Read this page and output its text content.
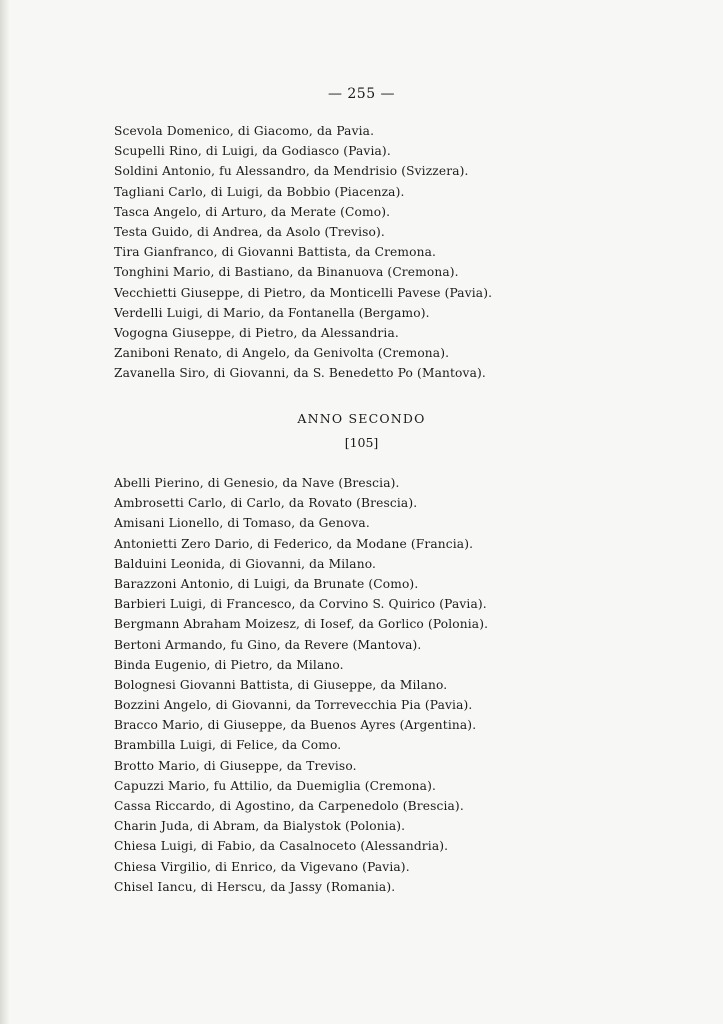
— 255 —
Scevola Domenico, di Giacomo, da Pavia.
Scupelli Rino, di Luigi, da Godiasco (Pavia).
Soldini Antonio, fu Alessandro, da Mendrisio (Svizzera).
Tagliani Carlo, di Luigi, da Bobbio (Piacenza).
Tasca Angelo, di Arturo, da Merate (Como).
Testa Guido, di Andrea, da Asolo (Treviso).
Tira Gianfranco, di Giovanni Battista, da Cremona.
Tonghini Mario, di Bastiano, da Binanuova (Cremona).
Vecchietti Giuseppe, di Pietro, da Monticelli Pavese (Pavia).
Verdelli Luigi, di Mario, da Fontanella (Bergamo).
Vogogna Giuseppe, di Pietro, da Alessandria.
Zaniboni Renato, di Angelo, da Genivolta (Cremona).
Zavanella Siro, di Giovanni, da S. Benedetto Po (Mantova).
ANNO SECONDO
[105]
Abelli Pierino, di Genesio, da Nave (Brescia).
Ambrosetti Carlo, di Carlo, da Rovato (Brescia).
Amisani Lionello, di Tomaso, da Genova.
Antonietti Zero Dario, di Federico, da Modane (Francia).
Balduini Leonida, di Giovanni, da Milano.
Barazzoni Antonio, di Luigi, da Brunate (Como).
Barbieri Luigi, di Francesco, da Corvino S. Quirico (Pavia).
Bergmann Abraham Moizesz, di Iosef, da Gorlico (Polonia).
Bertoni Armando, fu Gino, da Revere (Mantova).
Binda Eugenio, di Pietro, da Milano.
Bolognesi Giovanni Battista, di Giuseppe, da Milano.
Bozzini Angelo, di Giovanni, da Torrevecchia Pia (Pavia).
Bracco Mario, di Giuseppe, da Buenos Ayres (Argentina).
Brambilla Luigi, di Felice, da Como.
Brotto Mario, di Giuseppe, da Treviso.
Capuzzi Mario, fu Attilio, da Duemiglia (Cremona).
Cassa Riccardo, di Agostino, da Carpenedolo (Brescia).
Charin Juda, di Abram, da Bialystok (Polonia).
Chiesa Luigi, di Fabio, da Casalnoceto (Alessandria).
Chiesa Virgilio, di Enrico, da Vigevano (Pavia).
Chisel Iancu, di Herscu, da Jassy (Romania).
